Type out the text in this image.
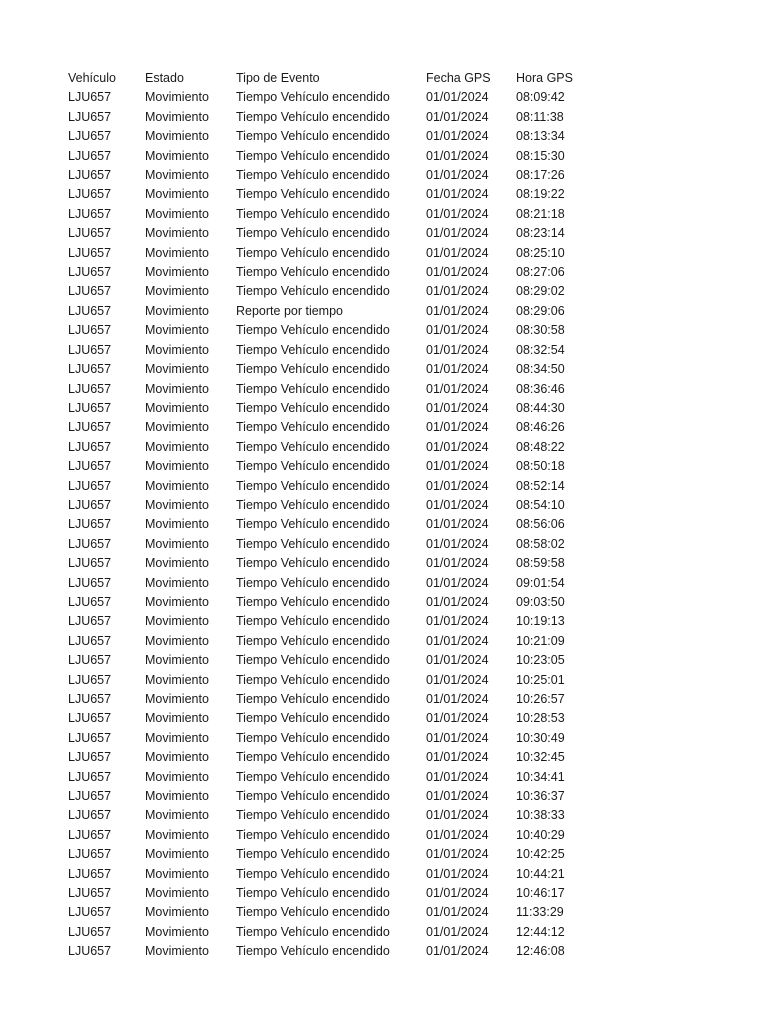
Vehículo	Estado	Tipo de Evento	Fecha GPS	Hora GPS
LJU657	Movimiento	Tiempo Vehículo encendido	01/01/2024	08:09:42
LJU657	Movimiento	Tiempo Vehículo encendido	01/01/2024	08:11:38
LJU657	Movimiento	Tiempo Vehículo encendido	01/01/2024	08:13:34
LJU657	Movimiento	Tiempo Vehículo encendido	01/01/2024	08:15:30
LJU657	Movimiento	Tiempo Vehículo encendido	01/01/2024	08:17:26
LJU657	Movimiento	Tiempo Vehículo encendido	01/01/2024	08:19:22
LJU657	Movimiento	Tiempo Vehículo encendido	01/01/2024	08:21:18
LJU657	Movimiento	Tiempo Vehículo encendido	01/01/2024	08:23:14
LJU657	Movimiento	Tiempo Vehículo encendido	01/01/2024	08:25:10
LJU657	Movimiento	Tiempo Vehículo encendido	01/01/2024	08:27:06
LJU657	Movimiento	Tiempo Vehículo encendido	01/01/2024	08:29:02
LJU657	Movimiento	Reporte por tiempo	01/01/2024	08:29:06
LJU657	Movimiento	Tiempo Vehículo encendido	01/01/2024	08:30:58
LJU657	Movimiento	Tiempo Vehículo encendido	01/01/2024	08:32:54
LJU657	Movimiento	Tiempo Vehículo encendido	01/01/2024	08:34:50
LJU657	Movimiento	Tiempo Vehículo encendido	01/01/2024	08:36:46
LJU657	Movimiento	Tiempo Vehículo encendido	01/01/2024	08:44:30
LJU657	Movimiento	Tiempo Vehículo encendido	01/01/2024	08:46:26
LJU657	Movimiento	Tiempo Vehículo encendido	01/01/2024	08:48:22
LJU657	Movimiento	Tiempo Vehículo encendido	01/01/2024	08:50:18
LJU657	Movimiento	Tiempo Vehículo encendido	01/01/2024	08:52:14
LJU657	Movimiento	Tiempo Vehículo encendido	01/01/2024	08:54:10
LJU657	Movimiento	Tiempo Vehículo encendido	01/01/2024	08:56:06
LJU657	Movimiento	Tiempo Vehículo encendido	01/01/2024	08:58:02
LJU657	Movimiento	Tiempo Vehículo encendido	01/01/2024	08:59:58
LJU657	Movimiento	Tiempo Vehículo encendido	01/01/2024	09:01:54
LJU657	Movimiento	Tiempo Vehículo encendido	01/01/2024	09:03:50
LJU657	Movimiento	Tiempo Vehículo encendido	01/01/2024	10:19:13
LJU657	Movimiento	Tiempo Vehículo encendido	01/01/2024	10:21:09
LJU657	Movimiento	Tiempo Vehículo encendido	01/01/2024	10:23:05
LJU657	Movimiento	Tiempo Vehículo encendido	01/01/2024	10:25:01
LJU657	Movimiento	Tiempo Vehículo encendido	01/01/2024	10:26:57
LJU657	Movimiento	Tiempo Vehículo encendido	01/01/2024	10:28:53
LJU657	Movimiento	Tiempo Vehículo encendido	01/01/2024	10:30:49
LJU657	Movimiento	Tiempo Vehículo encendido	01/01/2024	10:32:45
LJU657	Movimiento	Tiempo Vehículo encendido	01/01/2024	10:34:41
LJU657	Movimiento	Tiempo Vehículo encendido	01/01/2024	10:36:37
LJU657	Movimiento	Tiempo Vehículo encendido	01/01/2024	10:38:33
LJU657	Movimiento	Tiempo Vehículo encendido	01/01/2024	10:40:29
LJU657	Movimiento	Tiempo Vehículo encendido	01/01/2024	10:42:25
LJU657	Movimiento	Tiempo Vehículo encendido	01/01/2024	10:44:21
LJU657	Movimiento	Tiempo Vehículo encendido	01/01/2024	10:46:17
LJU657	Movimiento	Tiempo Vehículo encendido	01/01/2024	11:33:29
LJU657	Movimiento	Tiempo Vehículo encendido	01/01/2024	12:44:12
LJU657	Movimiento	Tiempo Vehículo encendido	01/01/2024	12:46:08
